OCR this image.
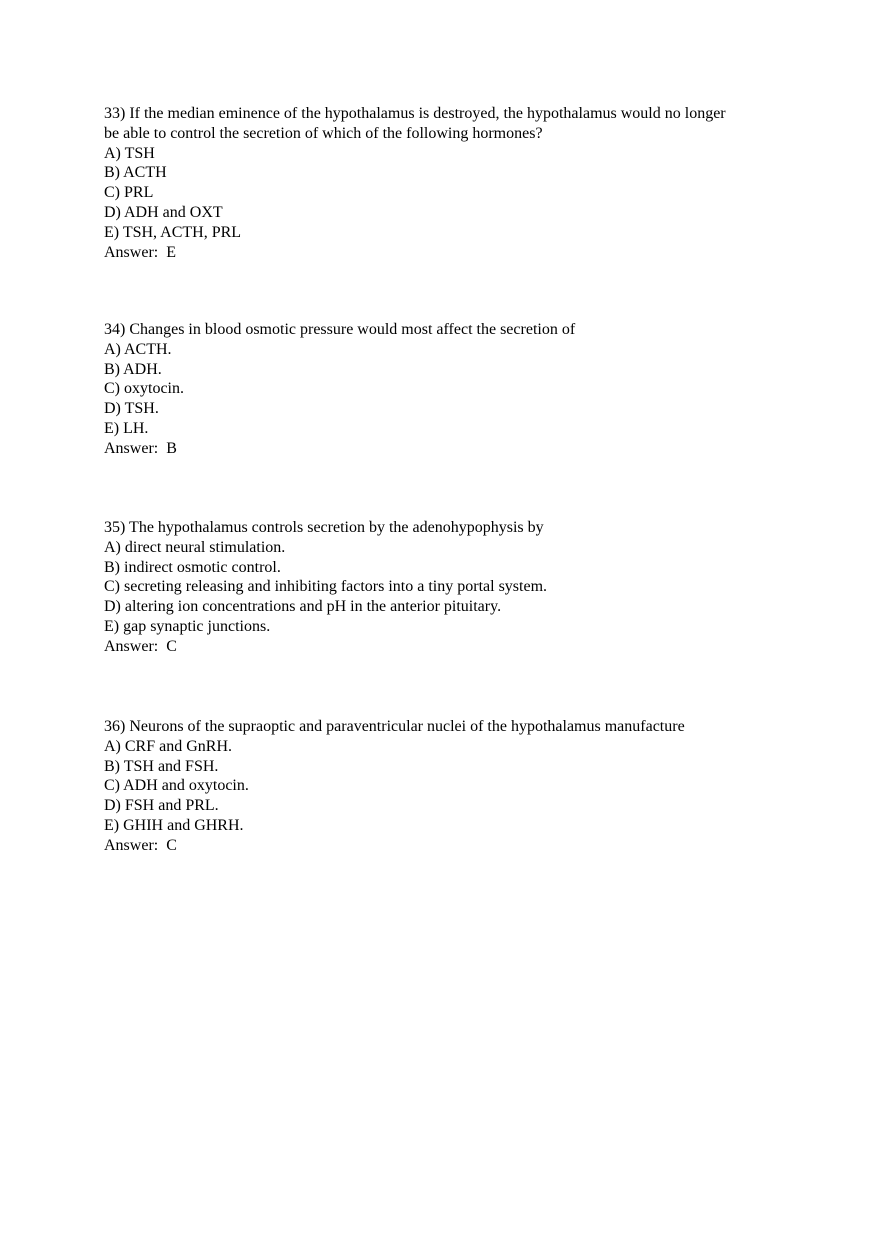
33) If the median eminence of the hypothalamus is destroyed, the hypothalamus would no longer
be able to control the secretion of which of the following hormones?
A) TSH
B) ACTH
C) PRL
D) ADH and OXT
E) TSH, ACTH, PRL
Answer:  E
34) Changes in blood osmotic pressure would most affect the secretion of
A) ACTH.
B) ADH.
C) oxytocin.
D) TSH.
E) LH.
Answer:  B
35) The hypothalamus controls secretion by the adenohypophysis by
A) direct neural stimulation.
B) indirect osmotic control.
C) secreting releasing and inhibiting factors into a tiny portal system.
D) altering ion concentrations and pH in the anterior pituitary.
E) gap synaptic junctions.
Answer:  C
36) Neurons of the supraoptic and paraventricular nuclei of the hypothalamus manufacture
A) CRF and GnRH.
B) TSH and FSH.
C) ADH and oxytocin.
D) FSH and PRL.
E) GHIH and GHRH.
Answer:  C
